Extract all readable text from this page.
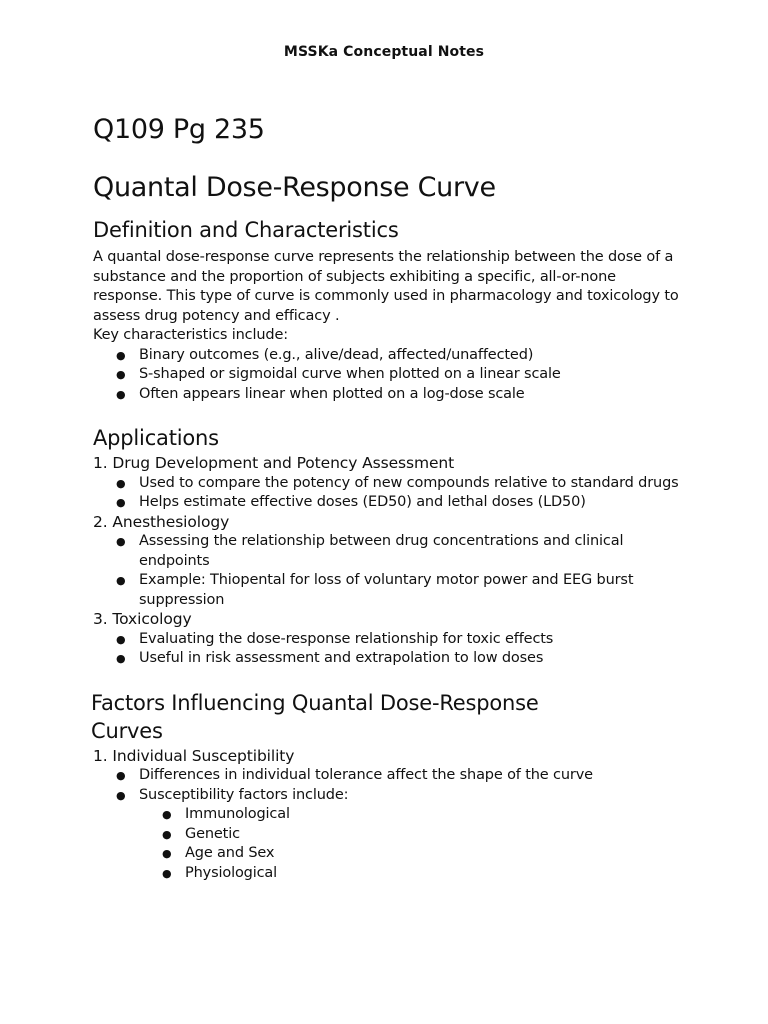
MSSKa Conceptual Notes
Q109 Pg 235
Quantal Dose-Response Curve
Definition and Characteristics

A quantal dose-response curve represents the relationship between the dose of a substance and the proportion of subjects exhibiting a specific, all-or-none response. This type of curve is commonly used in pharmacology and toxicology to assess drug potency and efficacy .
Key characteristics include:

● Binary outcomes (e.g., alive/dead, affected/unaffected)
● S-shaped or sigmoidal curve when plotted on a linear scale
● Often appears linear when plotted on a log-dose scale
Applications
1. Drug Development and Potency Assessment
● Used to compare the potency of new compounds relative to standard drugs
● Helps estimate effective doses (ED50) and lethal doses (LD50)
2. Anesthesiology
● Assessing the relationship between drug concentrations and clinical endpoints
● Example: Thiopental for loss of voluntary motor power and EEG burst suppression
3. Toxicology
● Evaluating the dose-response relationship for toxic effects
● Useful in risk assessment and extrapolation to low doses
Factors Influencing Quantal Dose-Response
Curves
1. Individual Susceptibility
● Differences in individual tolerance affect the shape of the curve
● Susceptibility factors include:
● Immunological
● Genetic
● Age and Sex
● Physiological
